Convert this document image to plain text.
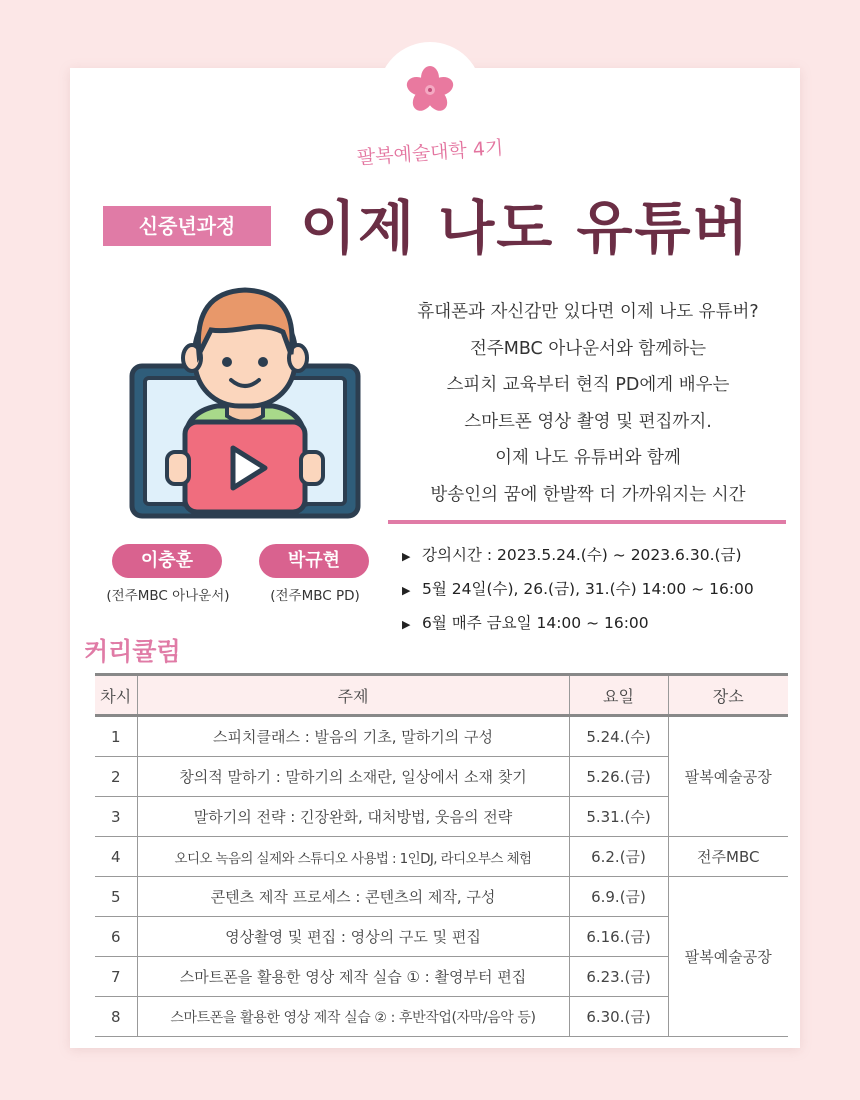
팔복예술대학 4기
신중년과정	이제 나도 유튜버
휴대폰과 자신감만 있다면 이제 나도 유튜버?
전주MBC 아나운서와 함께하는
스피치 교육부터 현직 PD에게 배우는
스마트폰 영상 촬영 및 편집까지.
이제 나도 유튜버와 함께
방송인의 꿈에 한발짝 더 가까워지는 시간
이충훈	박규현
(전주MBC 아나운서)	(전주MBC PD)
▶ 강의시간 : 2023.5.24.(수) ~ 2023.6.30.(금)
▶ 5월 24일(수), 26.(금), 31.(수) 14:00 ~ 16:00
▶ 6월 매주 금요일 14:00 ~ 16:00
커리큘럼
차시	주제	요일	장소
1	스피치클래스 : 발음의 기초, 말하기의 구성	5.24.(수)	팔복예술공장
2	창의적 말하기 : 말하기의 소재란, 일상에서 소재 찾기	5.26.(금)	
3	말하기의 전략 : 긴장완화, 대처방법, 웃음의 전략	5.31.(수)	
4	오디오 녹음의 실제와 스튜디오 사용법 : 1인DJ, 라디오부스 체험	6.2.(금)	전주MBC
5	콘텐츠 제작 프로세스 : 콘텐츠의 제작, 구성	6.9.(금)	팔복예술공장
6	영상촬영 및 편집 : 영상의 구도 및 편집	6.16.(금)	
7	스마트폰을 활용한 영상 제작 실습 ① : 촬영부터 편집	6.23.(금)	
8	스마트폰을 활용한 영상 제작 실습 ② : 후반작업(자막/음악 등)	6.30.(금)	
